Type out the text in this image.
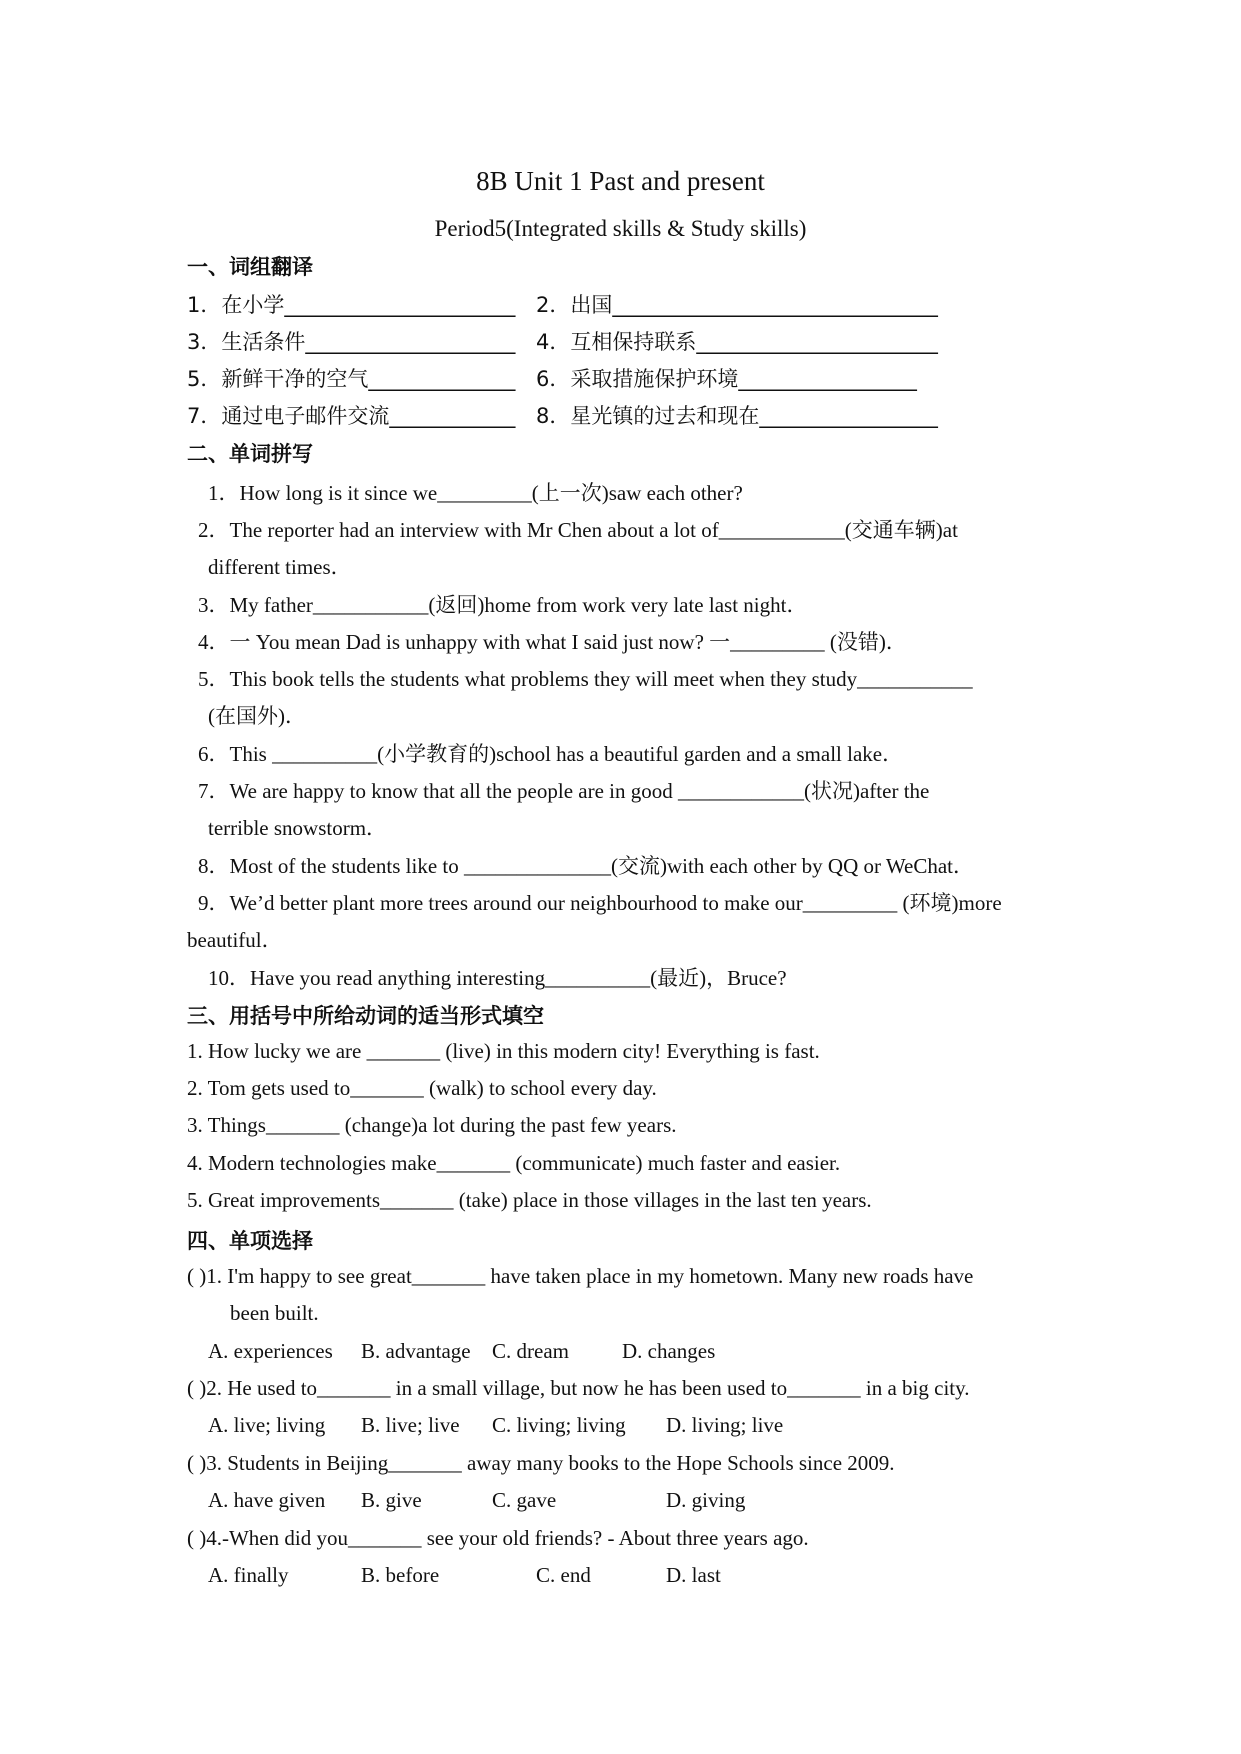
8B Unit 1 Past and present
Period5(Integrated skills & Study skills)
一、词组翻译
1．在小学______________________ 2．出国_______________________________
3．生活条件____________________ 4．互相保持联系_______________________
5．新鲜干净的空气______________ 6．采取措施保护环境_________________
7．通过电子邮件交流____________ 8．星光镇的过去和现在_________________
二、单词拼写
1．How long is it since we_________(上一次)saw each other?
2．The reporter had an interview with Mr Chen about a lot of____________(交通车辆)at
different times．
3．My father___________(返回)home from work very late last night．
4．一 You mean Dad is unhappy with what I said just now? 一_________ (没错)．
5．This book tells the students what problems they will meet when they study___________
(在国外)．
6．This __________(小学教育的)school has a beautiful garden and a small lake．
7．We are happy to know that all the people are in good ____________(状况)after the
terrible snowstorm．
8．Most of the students like to ______________(交流)with each other by QQ or WeChat．
9．We’d better plant more trees around our neighbourhood to make our_________ (环境)more
beautiful．
10．Have you read anything interesting__________(最近)，Bruce?
三、用括号中所给动词的适当形式填空
1. How lucky we are _______ (live) in this modern city! Everything is fast.
2. Tom gets used to_______ (walk) to school every day.
3. Things_______ (change)a lot during the past few years.
4. Modern technologies make_______ (communicate) much faster and easier.
5. Great improvements_______ (take) place in those villages in the last ten years.
四、单项选择
( )1. I'm happy to see great_______ have taken place in my hometown. Many new roads have
been built.
A. experiences B. advantage C. dream	D. changes
( )2. He used to_______ in a small village, but now he has been used to_______ in a big city.
A. live; living B. live; live C. living; living D. living; live
( )3. Students in Beijing_______ away many books to the Hope Schools since 2009.
A. have given B. give	C. gave	D. giving
( )4.-When did you_______ see your old friends? - About three years ago.
A. finally	B. before	C. end	D. last
